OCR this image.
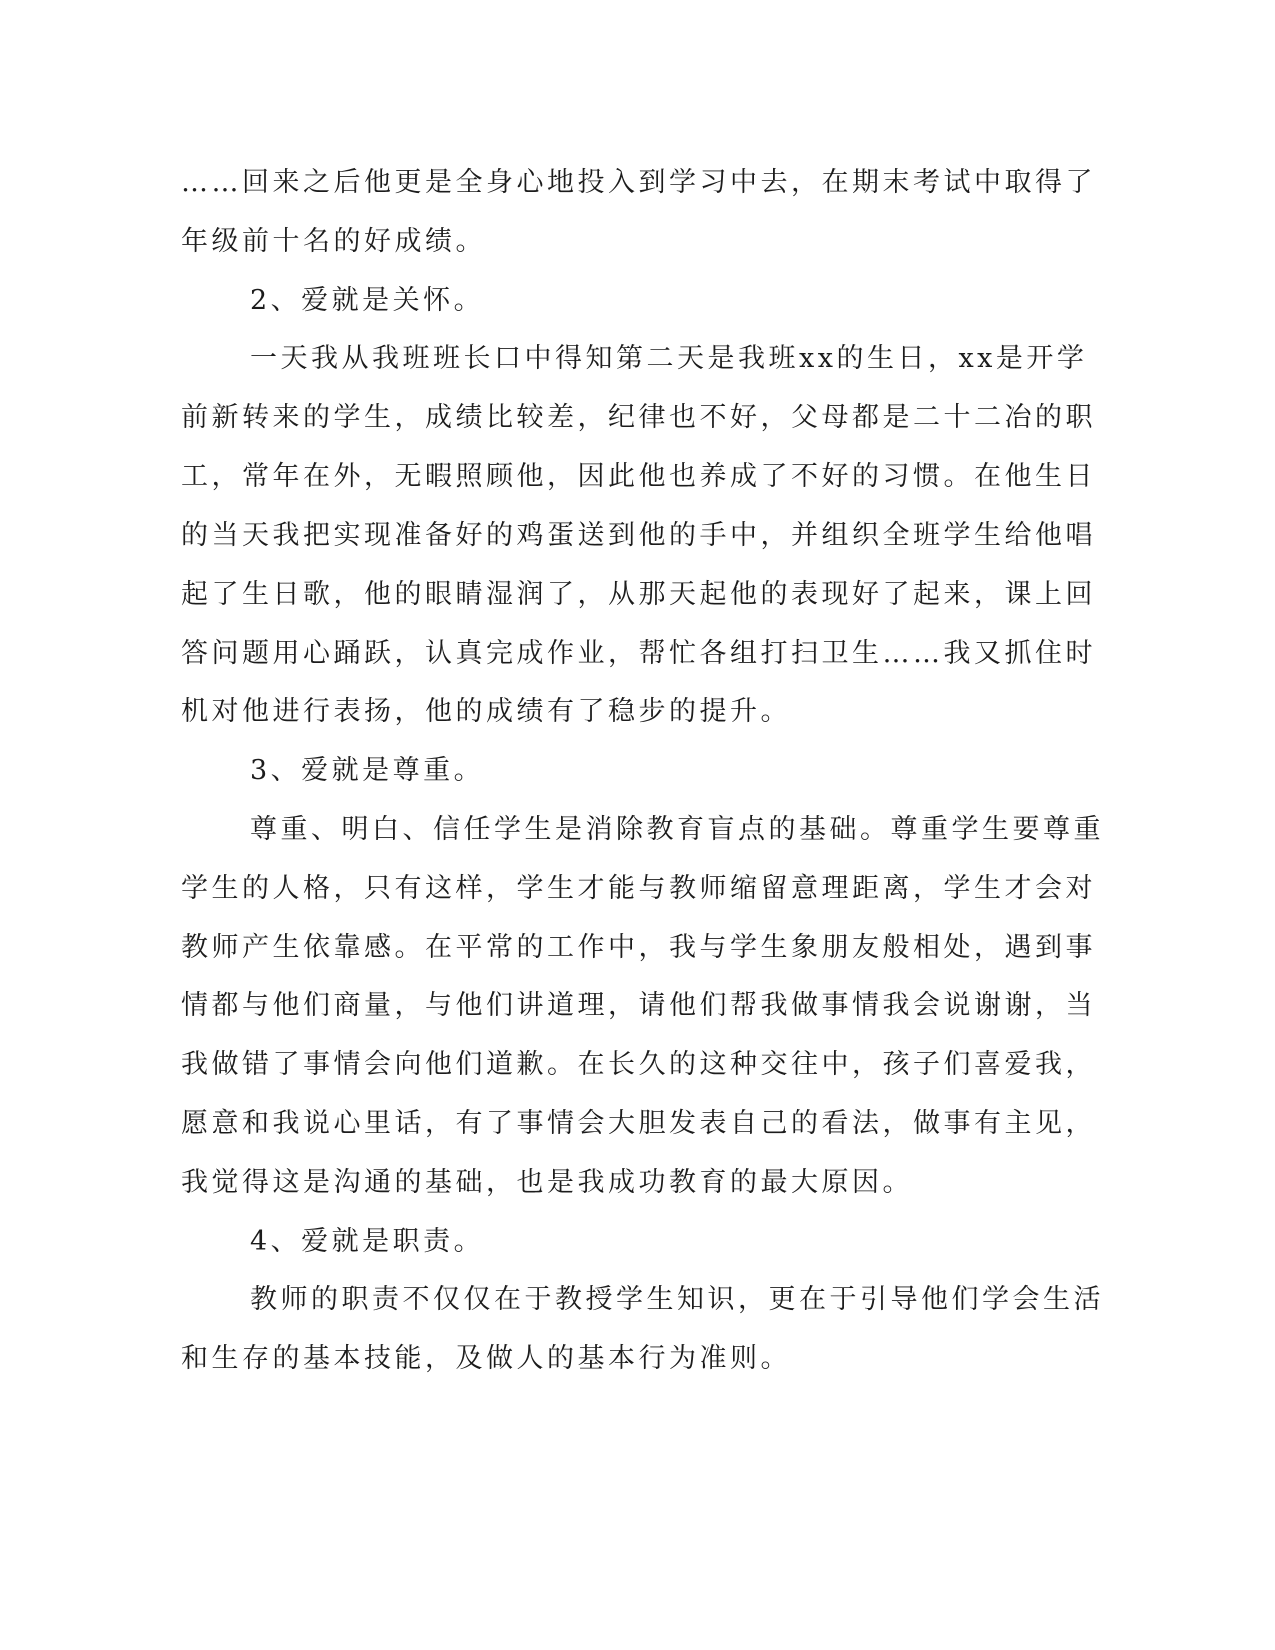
……回来之后他更是全身心地投入到学习中去，在期末考试中取得了

年级前十名的好成绩。

2、爱就是关怀。

一天我从我班班长口中得知第二天是我班xx的生日，xx是开学

前新转来的学生，成绩比较差，纪律也不好，父母都是二十二冶的职

工，常年在外，无暇照顾他，因此他也养成了不好的习惯。在他生日

的当天我把实现准备好的鸡蛋送到他的手中，并组织全班学生给他唱

起了生日歌，他的眼睛湿润了，从那天起他的表现好了起来，课上回

答问题用心踊跃，认真完成作业，帮忙各组打扫卫生……我又抓住时

机对他进行表扬，他的成绩有了稳步的提升。

3、爱就是尊重。

尊重、明白、信任学生是消除教育盲点的基础。尊重学生要尊重

学生的人格，只有这样，学生才能与教师缩留意理距离，学生才会对

教师产生依靠感。在平常的工作中，我与学生象朋友般相处，遇到事

情都与他们商量，与他们讲道理，请他们帮我做事情我会说谢谢，当

我做错了事情会向他们道歉。在长久的这种交往中，孩子们喜爱我，

愿意和我说心里话，有了事情会大胆发表自己的看法，做事有主见，

我觉得这是沟通的基础，也是我成功教育的最大原因。

4、爱就是职责。

教师的职责不仅仅在于教授学生知识，更在于引导他们学会生活

和生存的基本技能，及做人的基本行为准则。
